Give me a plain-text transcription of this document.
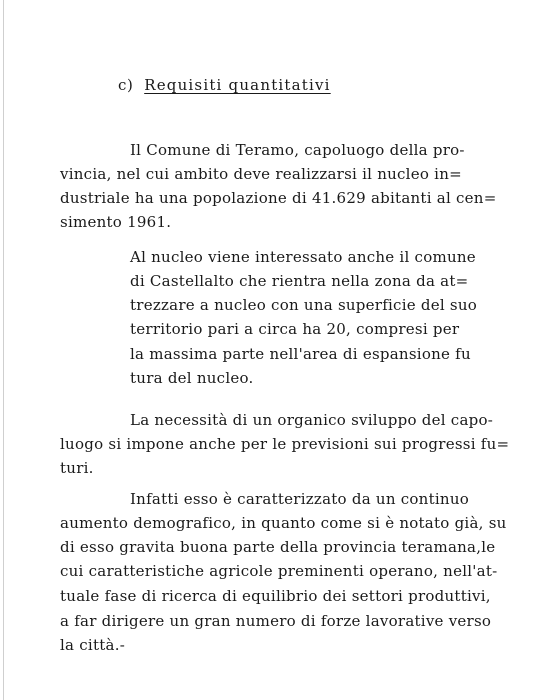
c) Requisiti quantitativi
Il Comune di Teramo, capoluogo della pro-
vincia, nel cui ambito deve realizzarsi il nucleo in=
dustriale ha una popolazione di 41.629 abitanti al cen=
simento 1961.
Al nucleo viene interessato anche il comune
di Castellalto che rientra nella zona da at=
trezzare a nucleo con una superficie del suo
territorio pari a circa ha 20, compresi per
la massima parte nell'area di espansione fu
tura del nucleo.
La necessità di un organico sviluppo del capo-
luogo si impone anche per le previsioni sui progressi fu=
turi.
Infatti esso è caratterizzato da un continuo
aumento demografico, in quanto come si è notato già, su
di esso gravita buona parte della provincia teramana,le
cui caratteristiche agricole preminenti operano, nell'at-
tuale fase di ricerca di equilibrio dei settori produttivi,
a far dirigere un gran numero di forze lavorative verso
la città.-
